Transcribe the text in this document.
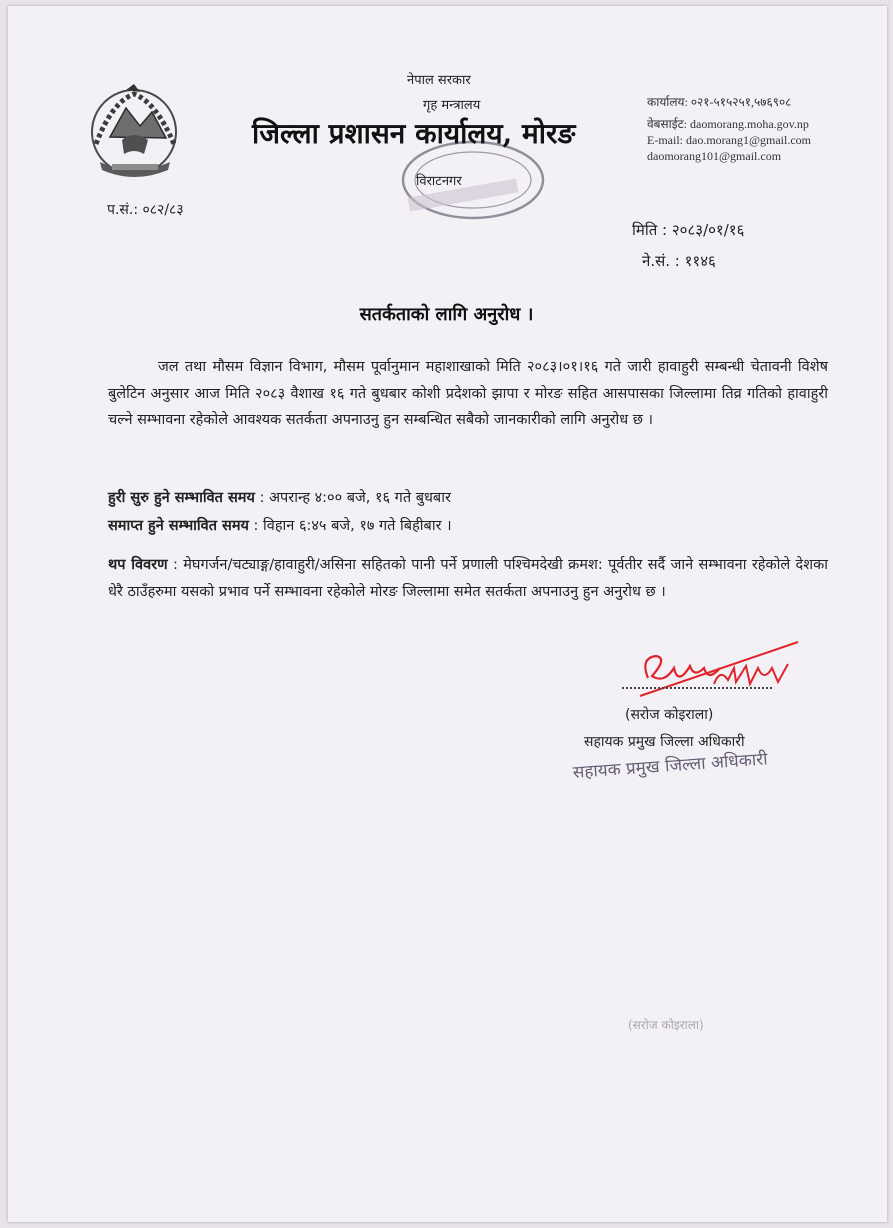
नेपाल सरकार
गृह मन्त्रालय
जिल्ला प्रशासन कार्यालय, मोरङ
विराटनगर
कार्यालय: ०२१-५१५२५१,५७६९०८
वेबसाईट: daomorang.moha.gov.np
E-mail: dao.morang1@gmail.com
daomorang101@gmail.com
प.सं.: ०८२/८३
मिति : २०८३/०१/१६
ने.सं. : ११४६
सतर्कताको लागि अनुरोध ।
जल तथा मौसम विज्ञान विभाग, मौसम पूर्वानुमान महाशाखाको मिति २०८३।०१।१६ गते जारी हावाहुरी सम्बन्धी चेतावनी विशेष बुलेटिन अनुसार आज मिति २०८३ वैशाख १६ गते बुधबार कोशी प्रदेशको झापा र मोरङ सहित आसपासका जिल्लामा तिव्र गतिको हावाहुरी चल्ने सम्भावना रहेकोले आवश्यक सतर्कता अपनाउनु हुन सम्बन्धित सबैको जानकारीको लागि अनुरोध छ ।
हुरी सुरु हुने सम्भावित समय : अपरान्ह ४:०० बजे, १६ गते बुधबार
समाप्त हुने सम्भावित समय : विहान ६:४५ बजे, १७ गते बिहीबार ।
थप विवरण : मेघगर्जन/चट्याङ्ग/हावाहुरी/असिना सहितको पानी पर्ने प्रणाली पश्चिमदेखी क्रमश: पूर्वतीर सर्दै जाने सम्भावना रहेकोले देशका धेरै ठाउँहरुमा यसको प्रभाव पर्ने सम्भावना रहेकोले मोरङ जिल्लामा समेत सतर्कता अपनाउनु हुन अनुरोध छ ।
(सरोज कोइराला)
सहायक प्रमुख जिल्ला अधिकारी
सहायक प्रमुख जिल्ला अधिकारी
(सरोज कोइराला)
